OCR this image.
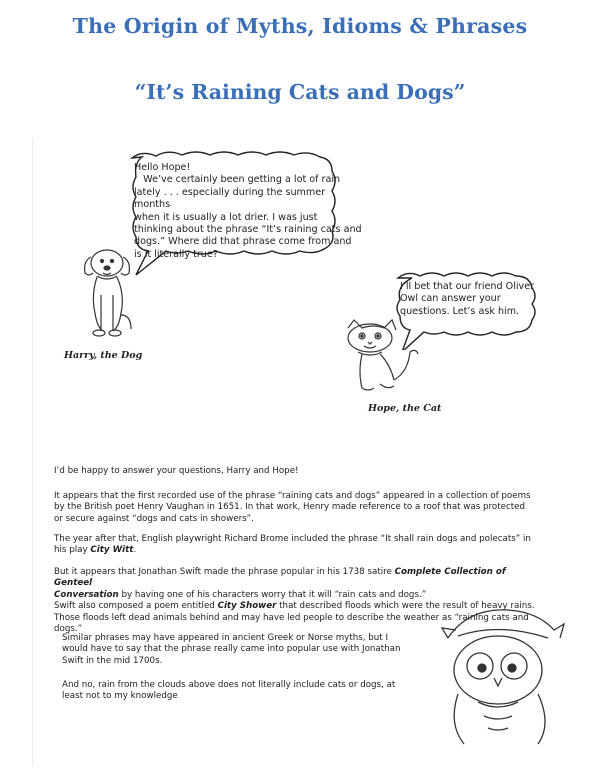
The Origin of Myths, Idioms & Phrases
“It’s Raining Cats and Dogs”
Hello Hope!
We’ve certainly been getting a lot of rain
lately . . . especially during the summer months
when it is usually a lot drier. I was just
thinking about the phrase “It’s raining cats and
dogs.” Where did that phrase come from and
is it literally true?
Harry, the Dog
I’ll bet that our friend Oliver
Owl can answer your
questions. Let’s ask him.
Hope, the Cat
I’d be happy to answer your questions, Harry and Hope!
It appears that the first recorded use of the phrase “raining cats and dogs” appeared in a collection of poems
by the British poet Henry Vaughan in 1651. In that work, Henry made reference to a roof that was protected
or secure against “dogs and cats in showers”.
The year after that, English playwright Richard Brome included the phrase “It shall rain dogs and polecats” in
his play City Witt.
But it appears that Jonathan Swift made the phrase popular in his 1738 satire Complete Collection of Genteel
Conversation by having one of his characters worry that it will “rain cats and dogs.”
Swift also composed a poem entitled City Shower that described floods which were the result of heavy rains.
Those floods left dead animals behind and may have led people to describe the weather as “raining cats and
dogs.”
Similar phrases may have appeared in ancient Greek or Norse myths, but I
would have to say that the phrase really came into popular use with Jonathan
Swift in the mid 1700s.
And no, rain from the clouds above does not literally include cats or dogs, at
least not to my knowledge
